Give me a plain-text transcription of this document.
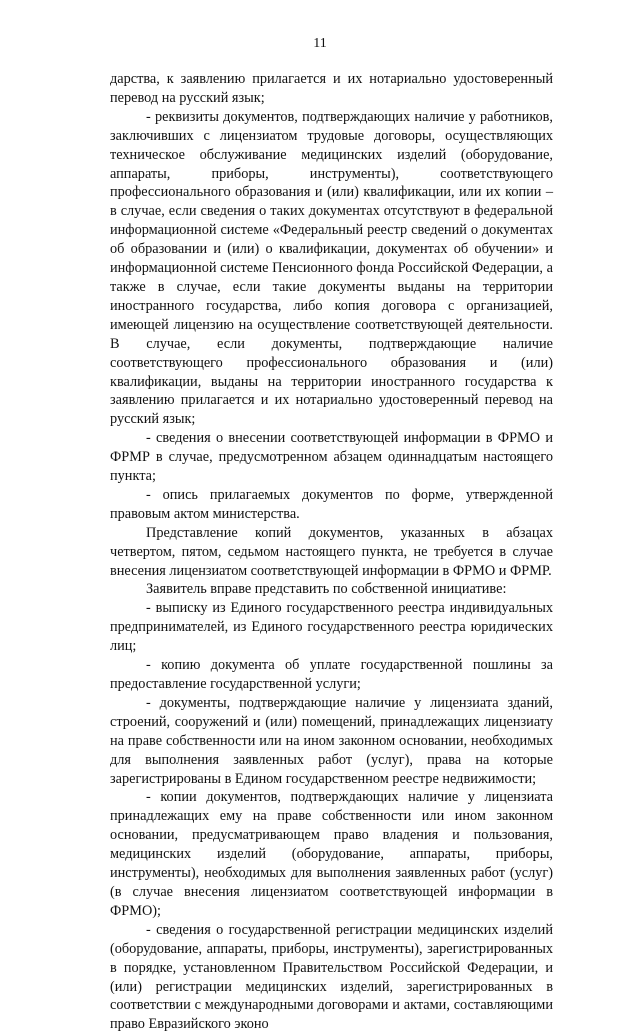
11

дарства, к заявлению прилагается и их нотариально удостоверенный перевод на русский язык;

- реквизиты документов, подтверждающих наличие у работников, заключивших с лицензиатом трудовые договоры, осуществляющих техническое обслуживание медицинских изделий (оборудование, аппараты, приборы, инструменты), соответствующего профессионального образования и (или) квалификации, или их копии – в случае, если сведения о таких документах отсутствуют в федеральной информационной системе «Федеральный реестр сведений о документах об образовании и (или) о квалификации, документах об обучении» и информационной системе Пенсионного фонда Российской Федерации, а также в случае, если такие документы выданы на территории иностранного государства, либо копия договора с организацией, имеющей лицензию на осуществление соответствующей деятельности. В случае, если документы, подтверждающие наличие соответствующего профессионального образования и (или) квалификации, выданы на территории иностранного государства к заявлению прилагается и их нотариально удостоверенный перевод на русский язык;

- сведения о внесении соответствующей информации в ФРМО и ФРМР в случае, предусмотренном абзацем одиннадцатым настоящего пункта;

- опись прилагаемых документов по форме, утвержденной правовым актом министерства.

Представление копий документов, указанных в абзацах четвертом, пятом, седьмом настоящего пункта, не требуется в случае внесения лицензиатом соответствующей информации в ФРМО и ФРМР.

Заявитель вправе представить по собственной инициативе:

- выписку из Единого государственного реестра индивидуальных предпринимателей, из Единого государственного реестра юридических лиц;

- копию документа об уплате государственной пошлины за предоставление государственной услуги;

- документы, подтверждающие наличие у лицензиата зданий, строений, сооружений и (или) помещений, принадлежащих лицензиату на праве собственности или на ином законном основании, необходимых для выполнения заявленных работ (услуг), права на которые зарегистрированы в Едином государственном реестре недвижимости;

- копии документов, подтверждающих наличие у лицензиата принадлежащих ему на праве собственности или ином законном основании, предусматривающем право владения и пользования, медицинских изделий (оборудование, аппараты, приборы, инструменты), необходимых для выполнения заявленных работ (услуг) (в случае внесения лицензиатом соответствующей информации в ФРМО);

- сведения о государственной регистрации медицинских изделий (оборудование, аппараты, приборы, инструменты), зарегистрированных в порядке, установленном Правительством Российской Федерации, и (или) регистрации медицинских изделий, зарегистрированных в соответствии с международными договорами и актами, составляющими право Евразийского эконо
